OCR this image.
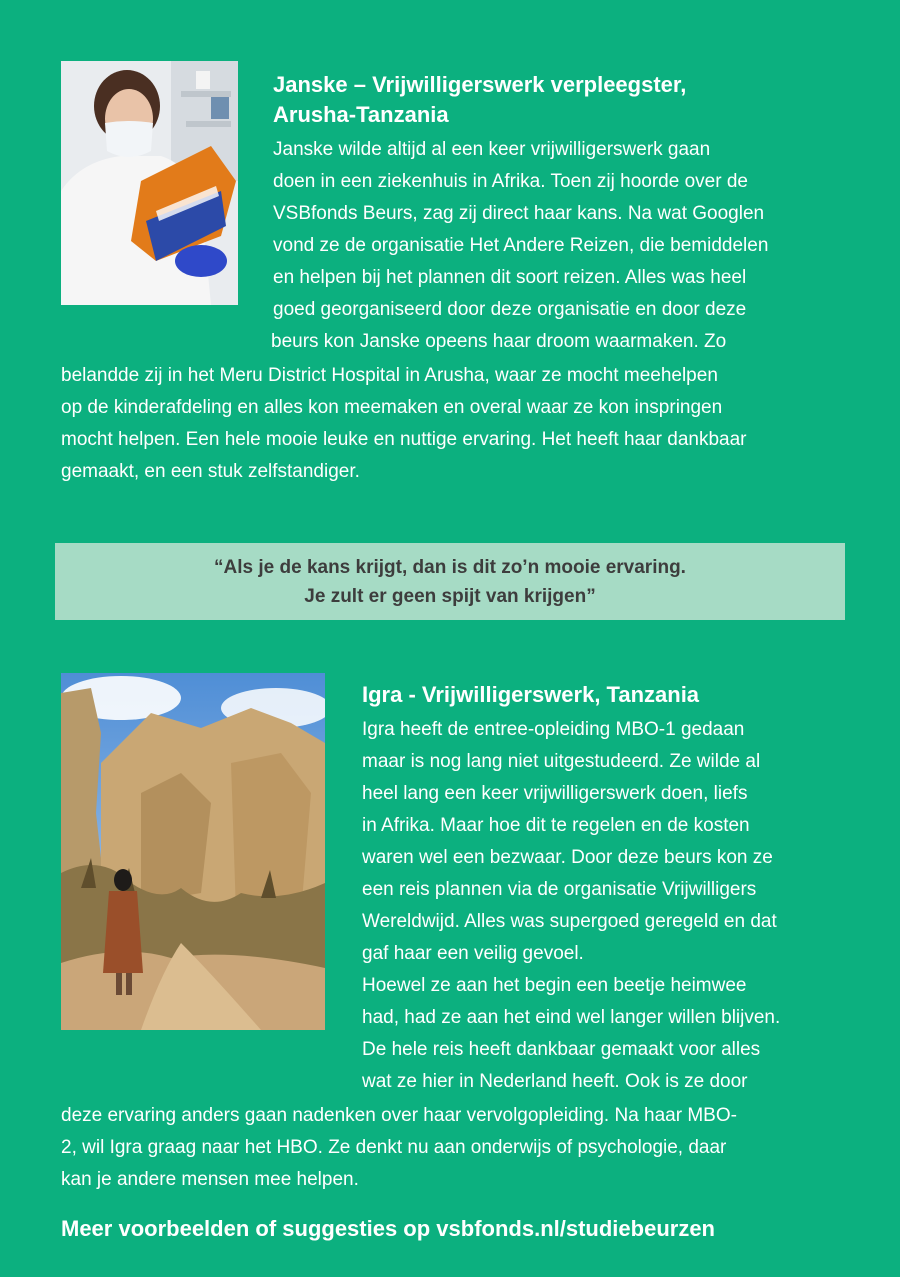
Janske – Vrijwilligerswerk verpleegster,
Arusha-Tanzania
Janske wilde altijd al een keer vrijwilligerswerk gaan
doen in een ziekenhuis in Afrika. Toen zij hoorde over de
VSBfonds Beurs, zag zij direct haar kans. Na wat Googlen
vond ze de organisatie Het Andere Reizen, die bemiddelen
en helpen bij het plannen dit soort reizen. Alles was heel
goed georganiseerd door deze organisatie en door deze
beurs kon Janske opeens haar droom waarmaken. Zo
belandde zij in het Meru District Hospital in Arusha, waar ze mocht meehelpen
op de kinderafdeling en alles kon meemaken en overal waar ze kon inspringen
mocht helpen. Een hele mooie leuke en nuttige ervaring. Het heeft haar dankbaar
gemaakt, en een stuk zelfstandiger.
“Als je de kans krijgt, dan is dit zo’n mooie ervaring.
Je zult er geen spijt van krijgen”
Igra - Vrijwilligerswerk, Tanzania
Igra heeft de entree-opleiding MBO-1 gedaan
maar is nog lang niet uitgestudeerd. Ze wilde al
heel lang een keer vrijwilligerswerk doen, liefs
in Afrika. Maar hoe dit te regelen en de kosten
waren wel een bezwaar. Door deze beurs kon ze
een reis plannen via de organisatie Vrijwilligers
Wereldwijd. Alles was supergoed geregeld en dat
gaf haar een veilig gevoel.
Hoewel ze aan het begin een beetje heimwee
had, had ze aan het eind wel langer willen blijven.
De hele reis heeft dankbaar gemaakt voor alles
wat ze hier in Nederland heeft. Ook is ze door
deze ervaring anders gaan nadenken over haar vervolgopleiding. Na haar MBO-
2, wil Igra graag naar het HBO. Ze denkt nu aan onderwijs of psychologie, daar
kan je andere mensen mee helpen.
Meer voorbeelden of suggesties op vsbfonds.nl/studiebeurzen
